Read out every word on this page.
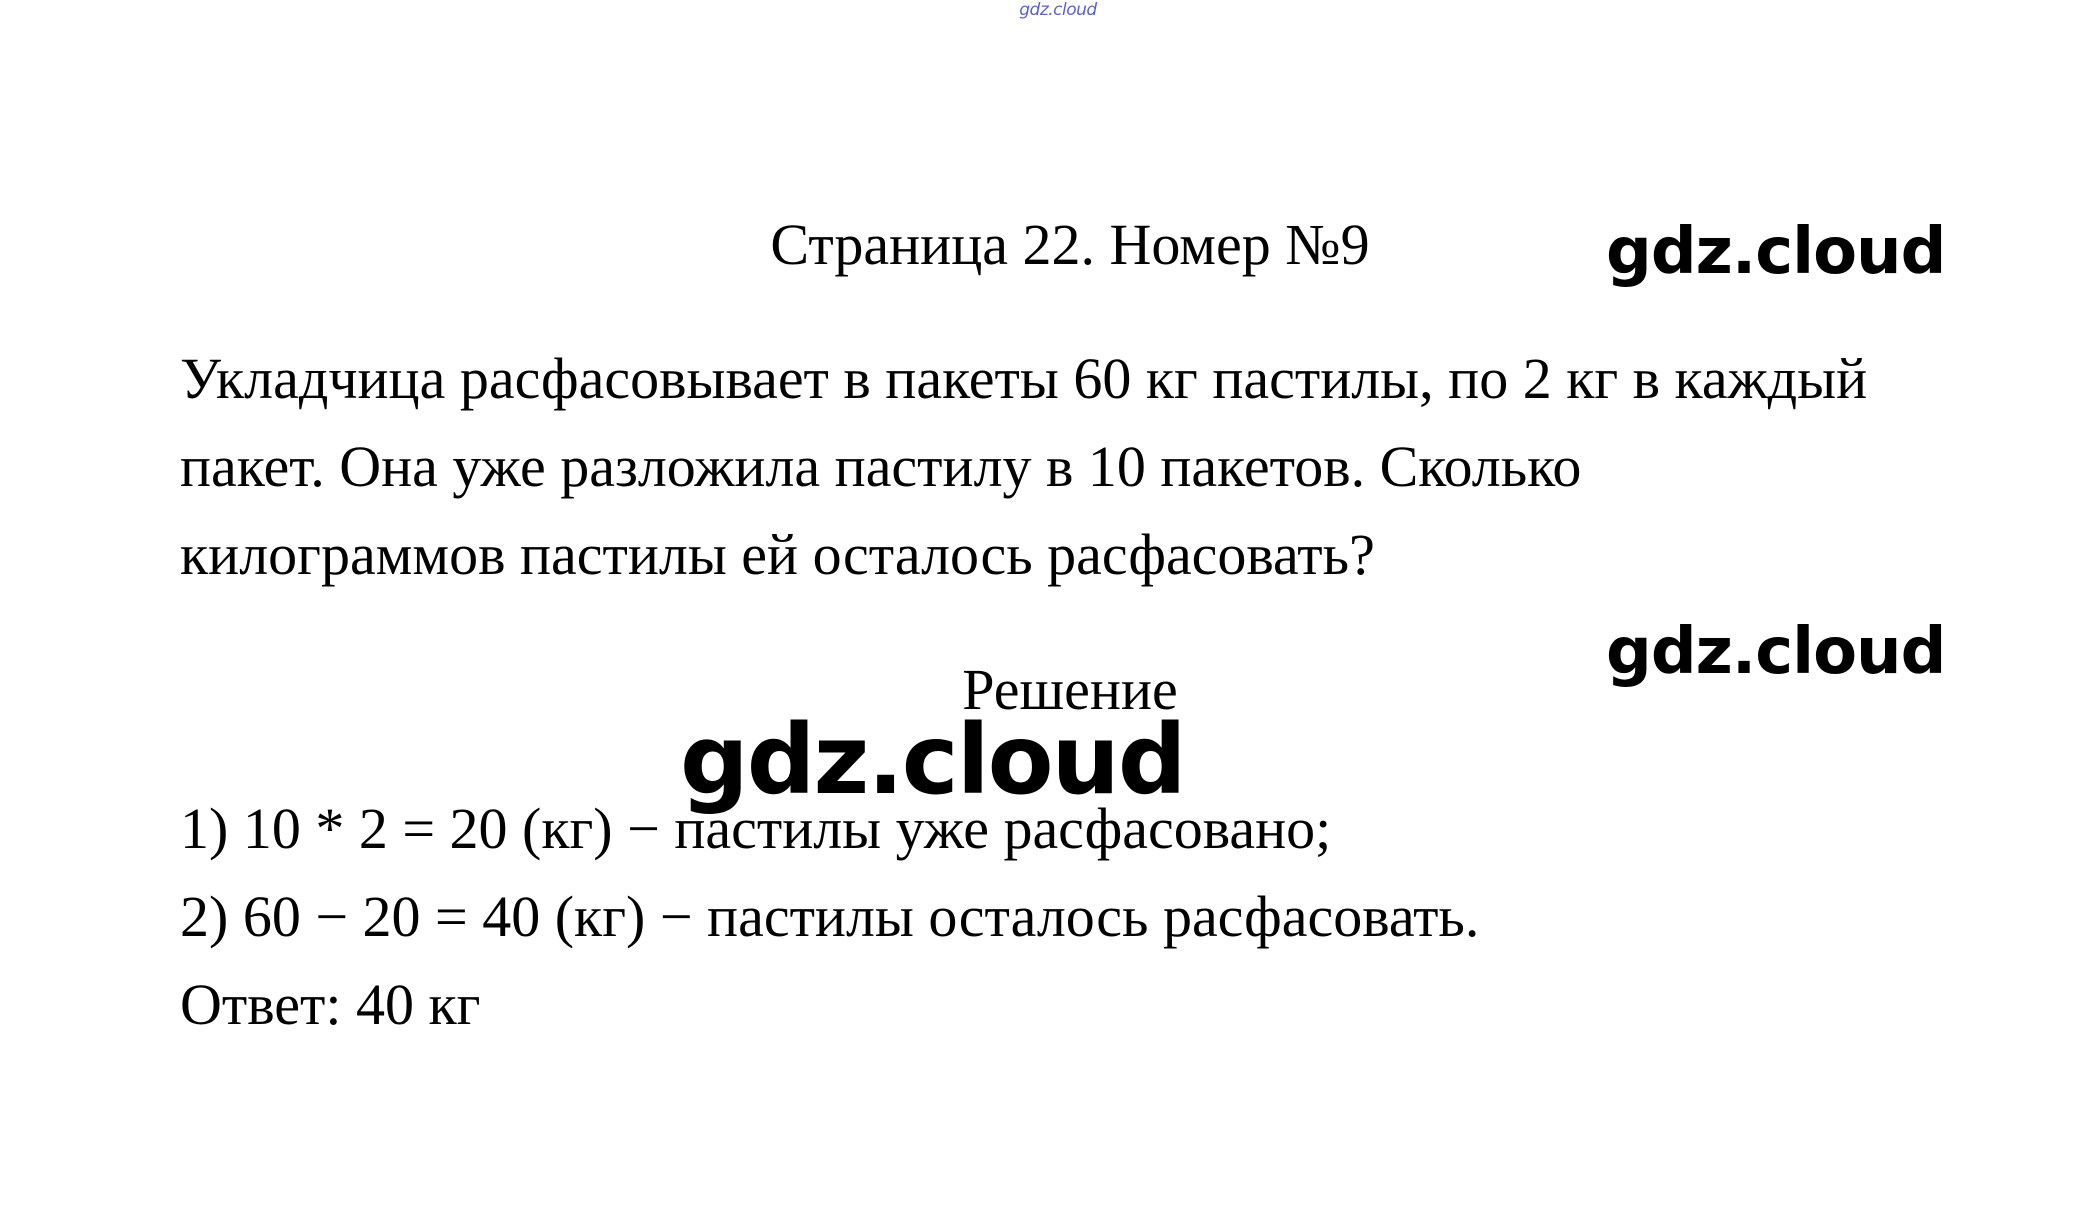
gdz.cloud
Страница 22. Номер №9	gdz.cloud
Укладчица расфасовывает в пакеты 60 кг пастилы, по 2 кг в каждый
пакет. Она уже разложила пастилу в 10 пакетов. Сколько
килограммов пастилы ей осталось расфасовать?
gdz.cloud
Решение
1) 10 * 2 = 20 (кг) − пастилы уже расфасовано;
2) 60 − 20 = 40 (кг) − пастилы осталось расфасовать.
Ответ: 40 кг
gdz.cloud
